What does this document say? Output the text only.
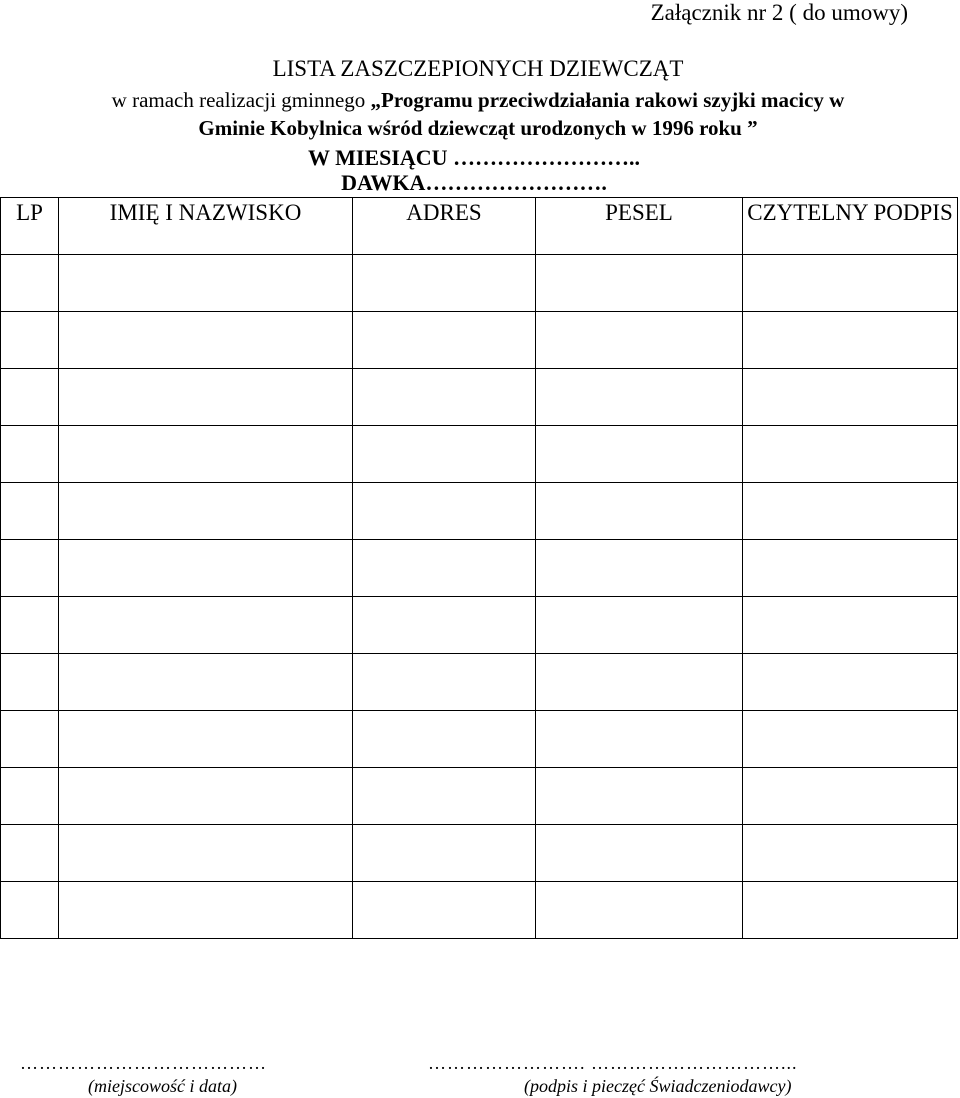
Załącznik nr 2 ( do umowy)
LISTA ZASZCZEPIONYCH DZIEWCZĄT
w ramach realizacji gminnego „Programu przeciwdziałania rakowi szyjki macicy w
Gminie Kobylnica wśród dziewcząt urodzonych w 1996 roku ”
W MIESIĄCU ……………………..
DAWKA…………………….
LP	IMIĘ I NAZWISKO	ADRES	PESEL	CZYTELNY PODPIS

…………………………………
(miejscowość i data)
……………………. …………………………...
(podpis i pieczęć Świadczeniodawcy)
